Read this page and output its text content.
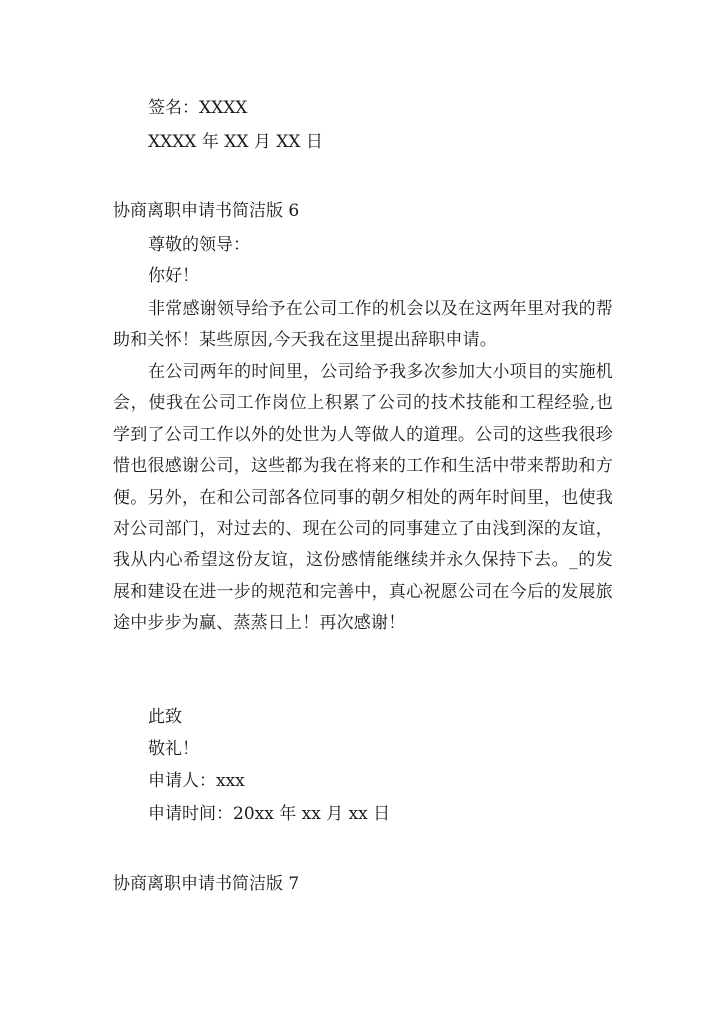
签名：XXXX
XXXX 年 XX 月 XX 日
协商离职申请书简洁版 6
尊敬的领导：
你好！
非常感谢领导给予在公司工作的机会以及在这两年里对我的帮助和关怀！某些原因,今天我在这里提出辞职申请。
在公司两年的时间里，公司给予我多次参加大小项目的实施机会，使我在公司工作岗位上积累了公司的技术技能和工程经验,也学到了公司工作以外的处世为人等做人的道理。公司的这些我很珍惜也很感谢公司，这些都为我在将来的工作和生活中带来帮助和方便。另外，在和公司部各位同事的朝夕相处的两年时间里，也使我对公司部门，对过去的、现在公司的同事建立了由浅到深的友谊，我从内心希望这份友谊，这份感情能继续并永久保持下去。_的发展和建设在进一步的规范和完善中，真心祝愿公司在今后的发展旅途中步步为赢、蒸蒸日上！再次感谢！
此致
敬礼！
申请人：xxx
申请时间：20xx 年 xx 月 xx 日
协商离职申请书简洁版 7
